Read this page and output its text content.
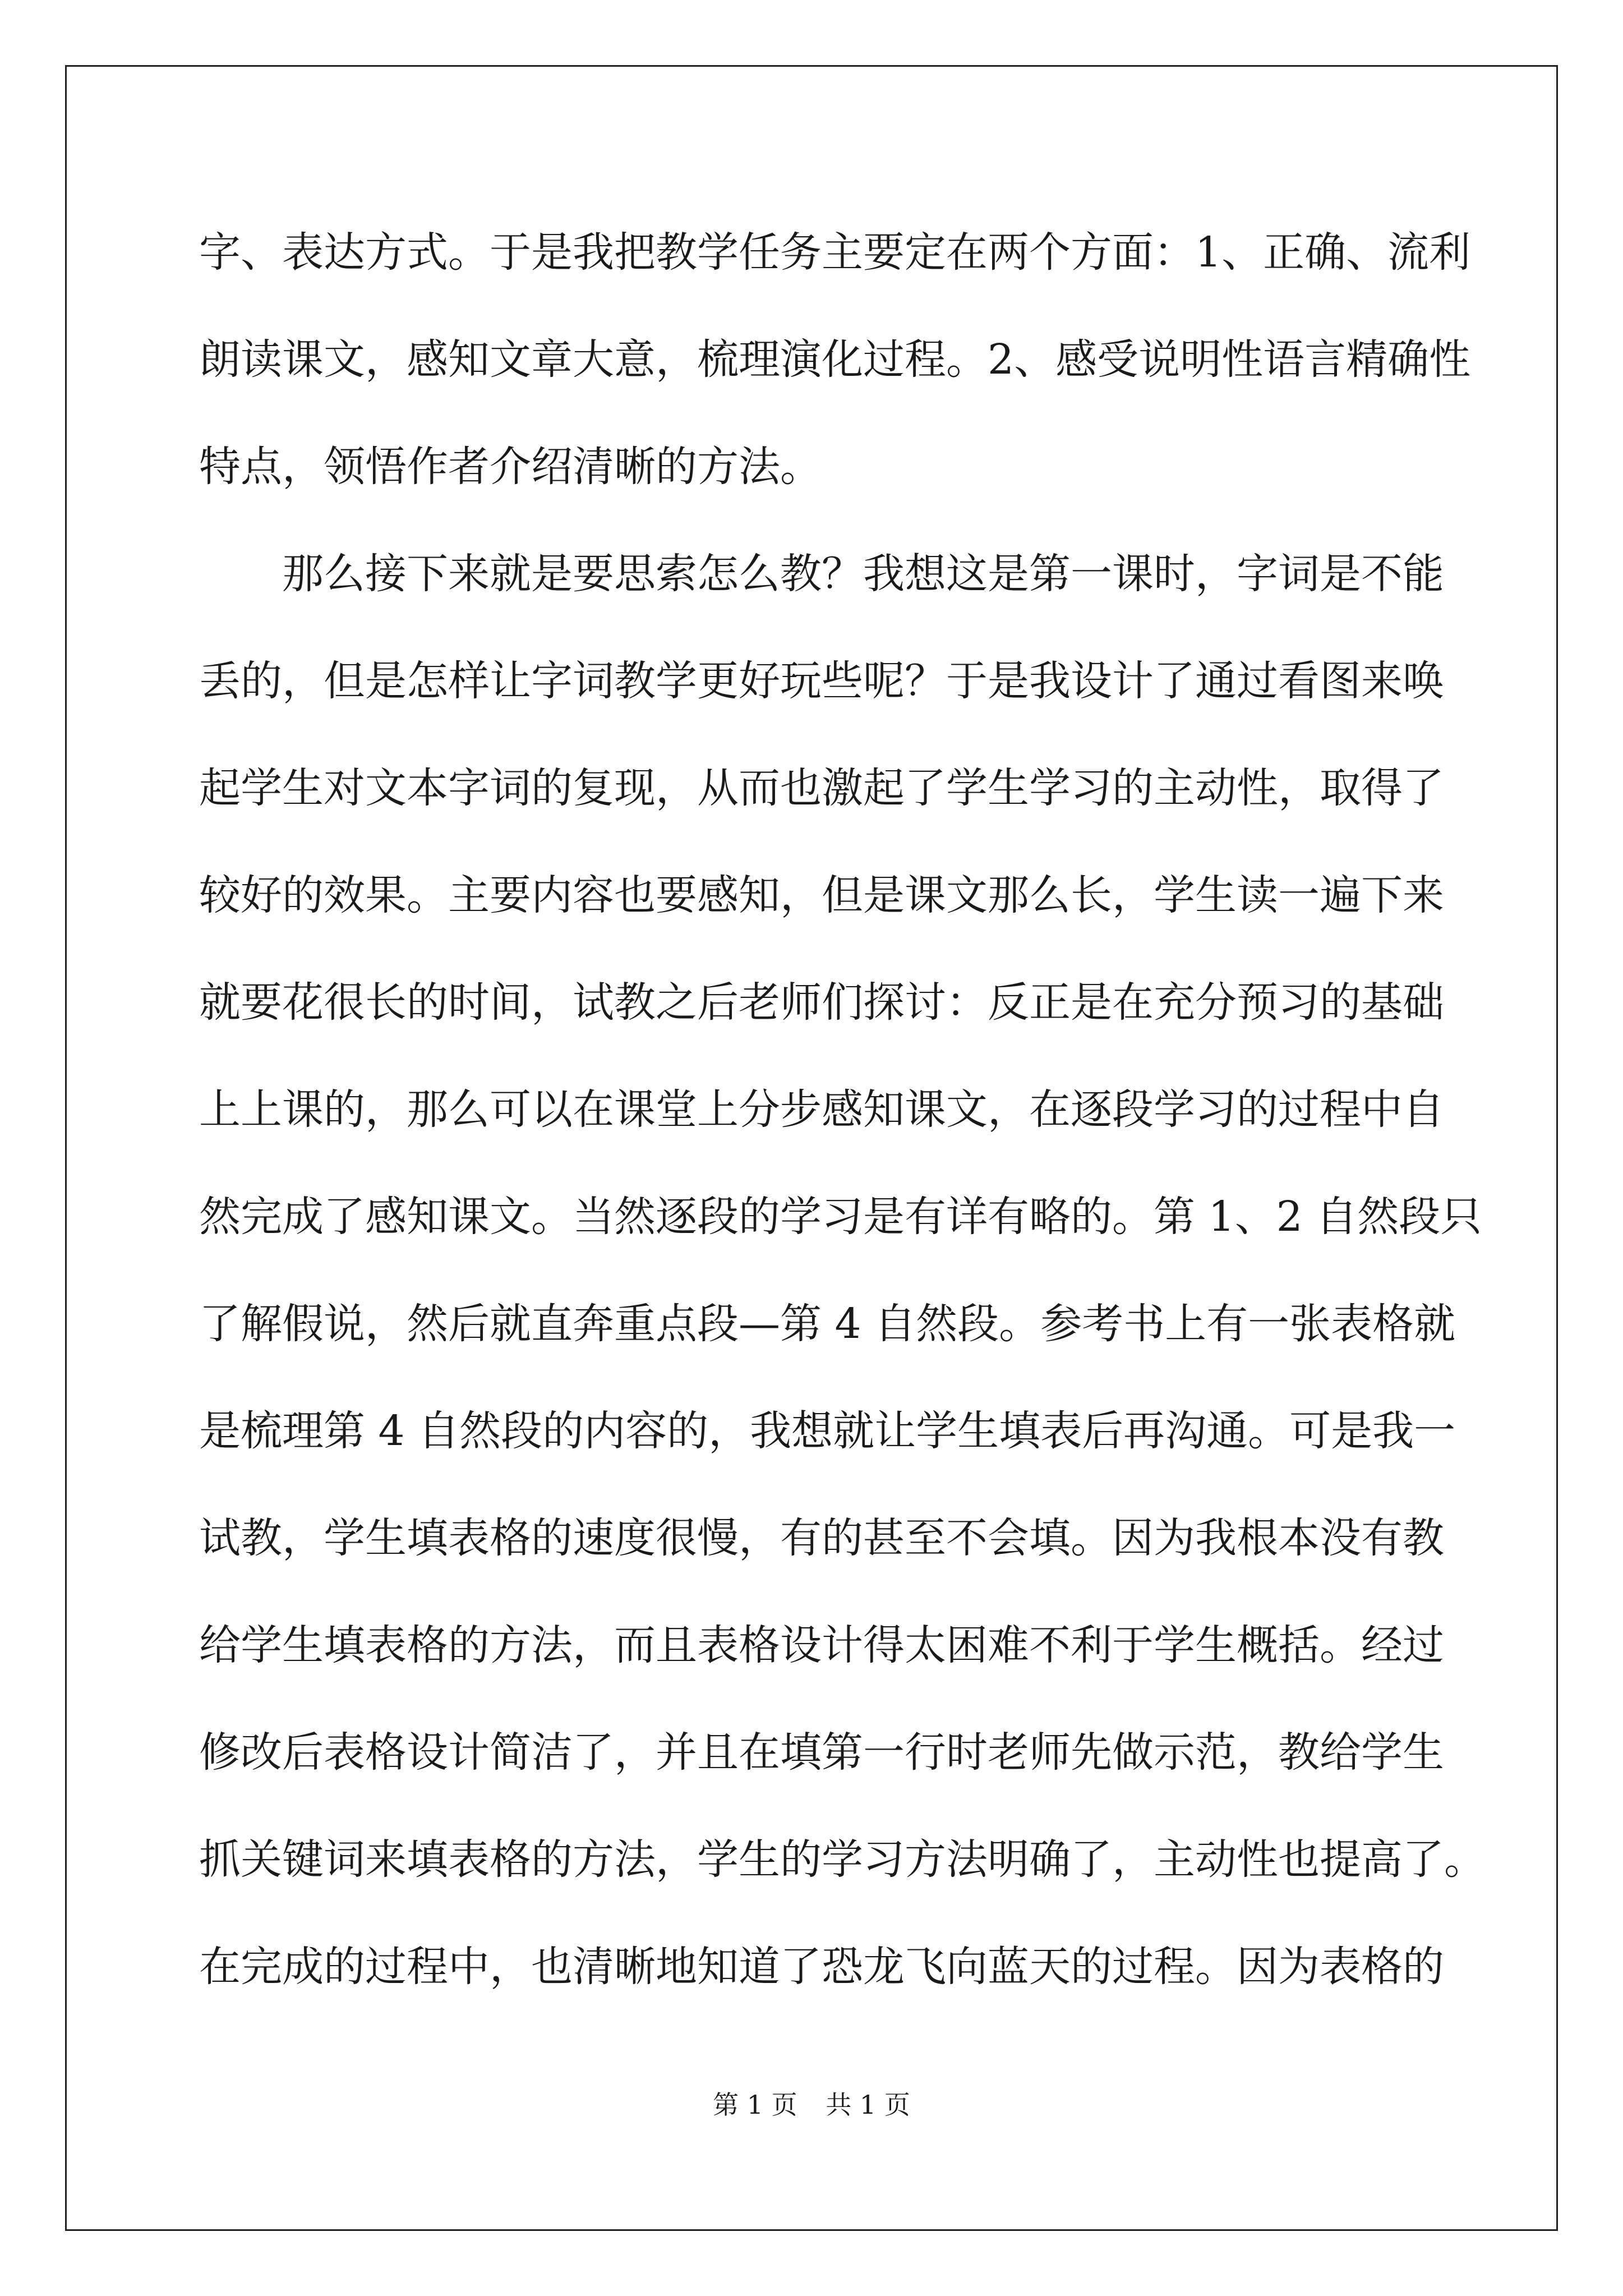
字、表达方式。于是我把教学任务主要定在两个方面：1、正确、流利
朗读课文，感知文章大意，梳理演化过程。2、感受说明性语言精确性
特点，领悟作者介绍清晰的方法。
那么接下来就是要思索怎么教？我想这是第一课时，字词是不能
丢的，但是怎样让字词教学更好玩些呢？于是我设计了通过看图来唤
起学生对文本字词的复现，从而也激起了学生学习的主动性，取得了
较好的效果。主要内容也要感知，但是课文那么长，学生读一遍下来
就要花很长的时间，试教之后老师们探讨：反正是在充分预习的基础
上上课的，那么可以在课堂上分步感知课文，在逐段学习的过程中自
然完成了感知课文。当然逐段的学习是有详有略的。第 1、2 自然段只
了解假说，然后就直奔重点段—第 4 自然段。参考书上有一张表格就
是梳理第 4 自然段的内容的，我想就让学生填表后再沟通。可是我一
试教，学生填表格的速度很慢，有的甚至不会填。因为我根本没有教
给学生填表格的方法，而且表格设计得太困难不利于学生概括。经过
修改后表格设计简洁了，并且在填第一行时老师先做示范，教给学生
抓关键词来填表格的方法，学生的学习方法明确了，主动性也提高了。
在完成的过程中，也清晰地知道了恐龙飞向蓝天的过程。因为表格的
第 1 页 共 1 页
